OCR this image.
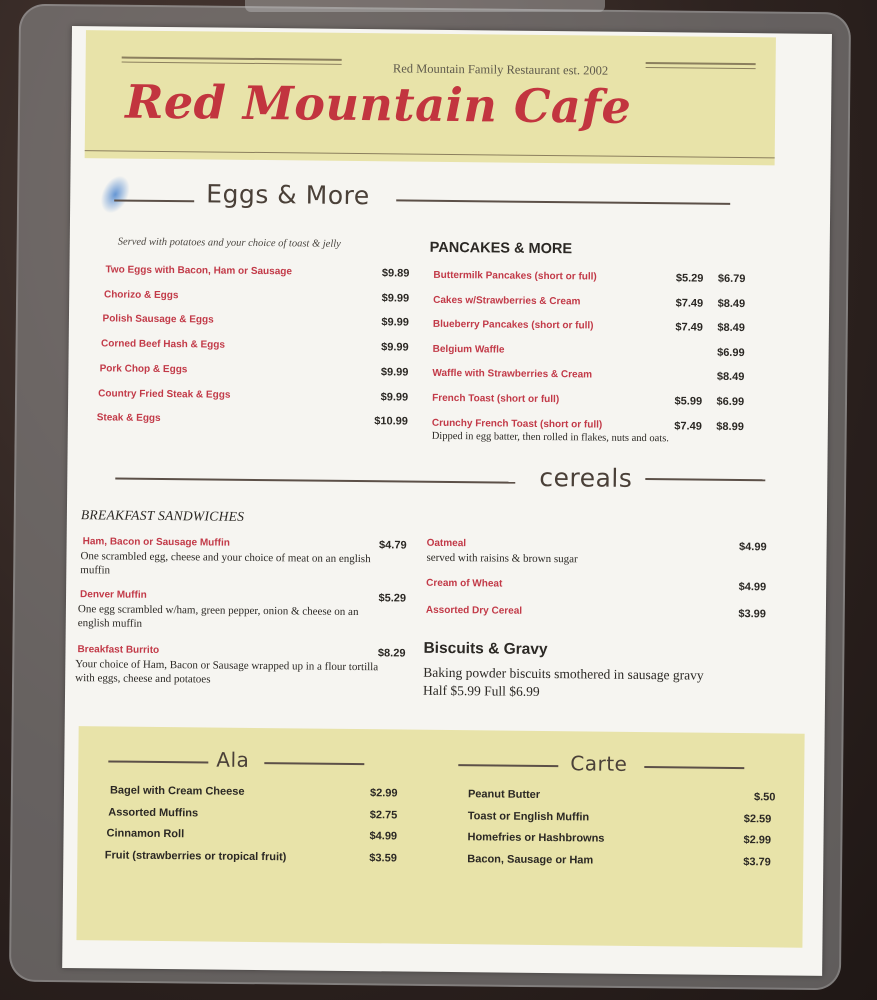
Red Mountain Family Restaurant est. 2002
Red Mountain Cafe
Eggs & More
Served with potatoes and your choice of toast & jelly
Two Eggs with Bacon, Ham or Sausage	$9.89
Chorizo & Eggs	$9.99
Polish Sausage & Eggs	$9.99
Corned Beef Hash & Eggs	$9.99
Pork Chop & Eggs	$9.99
Country Fried Steak & Eggs	$9.99
Steak & Eggs	$10.99
PANCAKES & MORE
Buttermilk Pancakes (short or full)	$5.29	$6.79
Cakes w/Strawberries & Cream	$7.49	$8.49
Blueberry Pancakes (short or full)	$7.49	$8.49
Belgium Waffle	$6.99
Waffle with Strawberries & Cream	$8.49
French Toast (short or full)	$5.99	$6.99
Crunchy French Toast (short or full)	$7.49	$8.99
Dipped in egg batter, then rolled in flakes, nuts and oats.
cereals
BREAKFAST SANDWICHES
Ham, Bacon or Sausage Muffin	$4.79
One scrambled egg, cheese and your choice of meat on an english muffin
Denver Muffin	$5.29
One egg scrambled w/ham, green pepper, onion & cheese on an english muffin
Breakfast Burrito	$8.29
Your choice of Ham, Bacon or Sausage wrapped up in a flour tortilla with eggs, cheese and potatoes
Oatmeal	$4.99
served with raisins & brown sugar
Cream of Wheat	$4.99
Assorted Dry Cereal	$3.99
Biscuits & Gravy
Baking powder biscuits smothered in sausage gravy Half $5.99 Full $6.99
Ala	Carte
Bagel with Cream Cheese	$2.99
Assorted Muffins	$2.75
Cinnamon Roll	$4.99
Fruit (strawberries or tropical fruit)	$3.59
Peanut Butter	$.50
Toast or English Muffin	$2.59
Homefries or Hashbrowns	$2.99
Bacon, Sausage or Ham	$3.79
